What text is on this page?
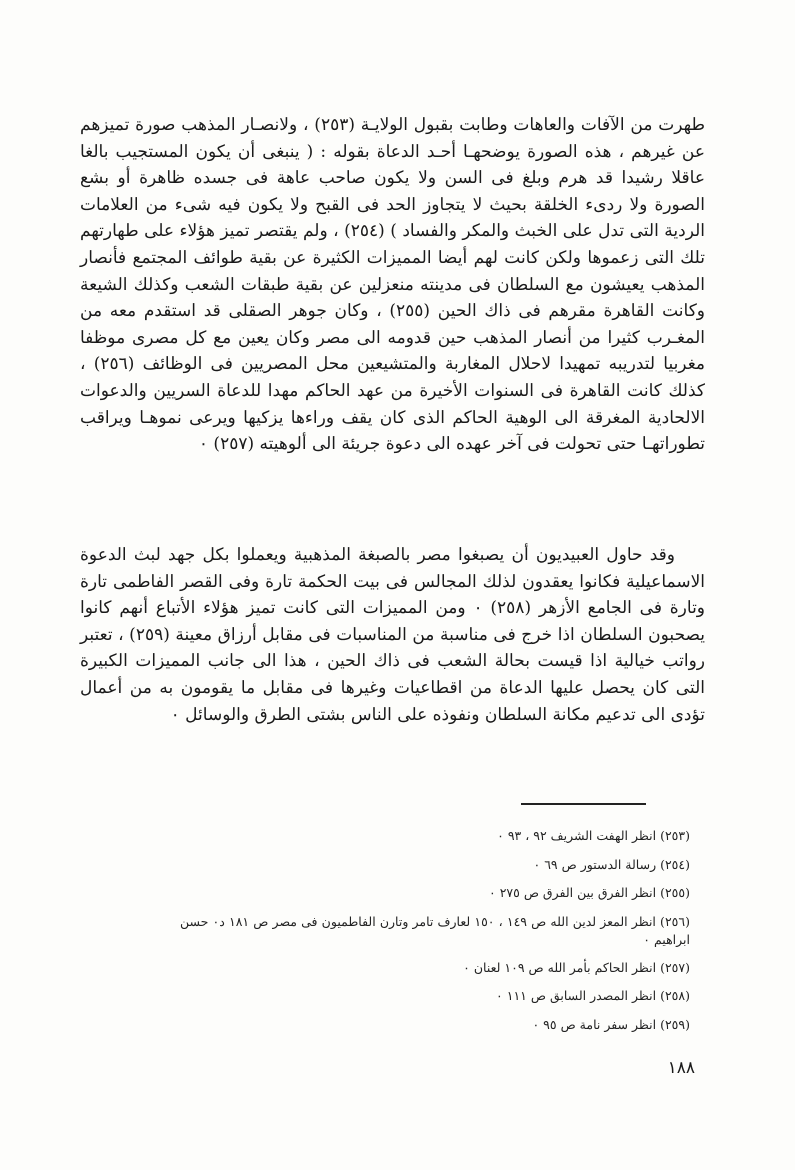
طهرت من الآفات والعاهات وطابت بقبول الولايـة (٢٥٣) ، ولانصـار المذهب صورة تميزهم عن غيرهم ، هذه الصورة يوضحهـا أحـد الدعاة بقوله : ( ينبغى أن يكون المستجيب بالغا عاقلا رشيدا قد هرم وبلغ فى السن ولا يكون صاحب عاهة فى جسده ظاهرة أو بشع الصورة ولا ردىء الخلقة بحيث لا يتجاوز الحد فى القبح ولا يكون فيه شىء من العلامات الردية التى تدل على الخبث والمكر والفساد ) (٢٥٤) ، ولم يقتصر تميز هؤلاء على طهارتهم تلك التى زعموها ولكن كانت لهم أيضا المميزات الكثيرة عن بقية طوائف المجتمع فأنصار المذهب يعيشون مع السلطان فى مدينته منعزلين عن بقية طبقات الشعب وكذلك الشيعة وكانت القاهرة مقرهم فى ذاك الحين (٢٥٥) ، وكان جوهر الصقلى قد استقدم معه من المغـرب كثيرا من أنصار المذهب حين قدومه الى مصر وكان يعين مع كل مصرى موظفا مغربيا لتدريبه تمهيدا لاحلال المغاربة والمتشيعين محل المصريين فى الوظائف (٢٥٦) ، كذلك كانت القاهرة فى السنوات الأخيرة من عهد الحاكم مهدا للدعاة السريين والدعوات الالحادية المغرقة الى الوهية الحاكم الذى كان يقف وراءها يزكيها ويرعى نموهـا ويراقب تطوراتهـا حتى تحولت فى آخر عهده الى دعوة جريئة الى ألوهيته (٢٥٧) ٠

وقد حاول العبيديون أن يصبغوا مصر بالصبغة المذهبية ويعملوا بكل جهد لبث الدعوة الاسماعيلية فكانوا يعقدون لذلك المجالس فى بيت الحكمة تارة وفى القصر الفاطمى تارة وتارة فى الجامع الأزهر (٢٥٨) ٠ ومن المميزات التى كانت تميز هؤلاء الأتباع أنهم كانوا يصحبون السلطان اذا خرج فى مناسبة من المناسبات فى مقابل أرزاق معينة (٢٥٩) ، تعتبر رواتب خيالية اذا قيست بحالة الشعب فى ذاك الحين ، هذا الى جانب المميزات الكبيرة التى كان يحصل عليها الدعاة من اقطاعيات وغيرها فى مقابل ما يقومون به من أعمال تؤدى الى تدعيم مكانة السلطان ونفوذه على الناس بشتى الطرق والوسائل ٠

(٢٥٣) انظر الهفت الشريف ٩٢ ، ٩٣ ٠

(٢٥٤) رسالة الدستور ص ٦٩ ٠

(٢٥٥) انظر الفرق بين الفرق ص ٢٧٥ ٠

(٢٥٦) انظر المعز لدين الله ص ١٤٩ ، ١٥٠ لعارف تامر وتارن الفاطميون فى مصر ص ١٨١ د٠ حسن ابراهيم ٠

(٢٥٧) انظر الحاكم بأمر الله ص ١٠٩ لعنان ٠

(٢٥٨) انظر المصدر السابق ص ١١١ ٠

(٢٥٩) انظر سفر نامة ص ٩٥ ٠

١٨٨
